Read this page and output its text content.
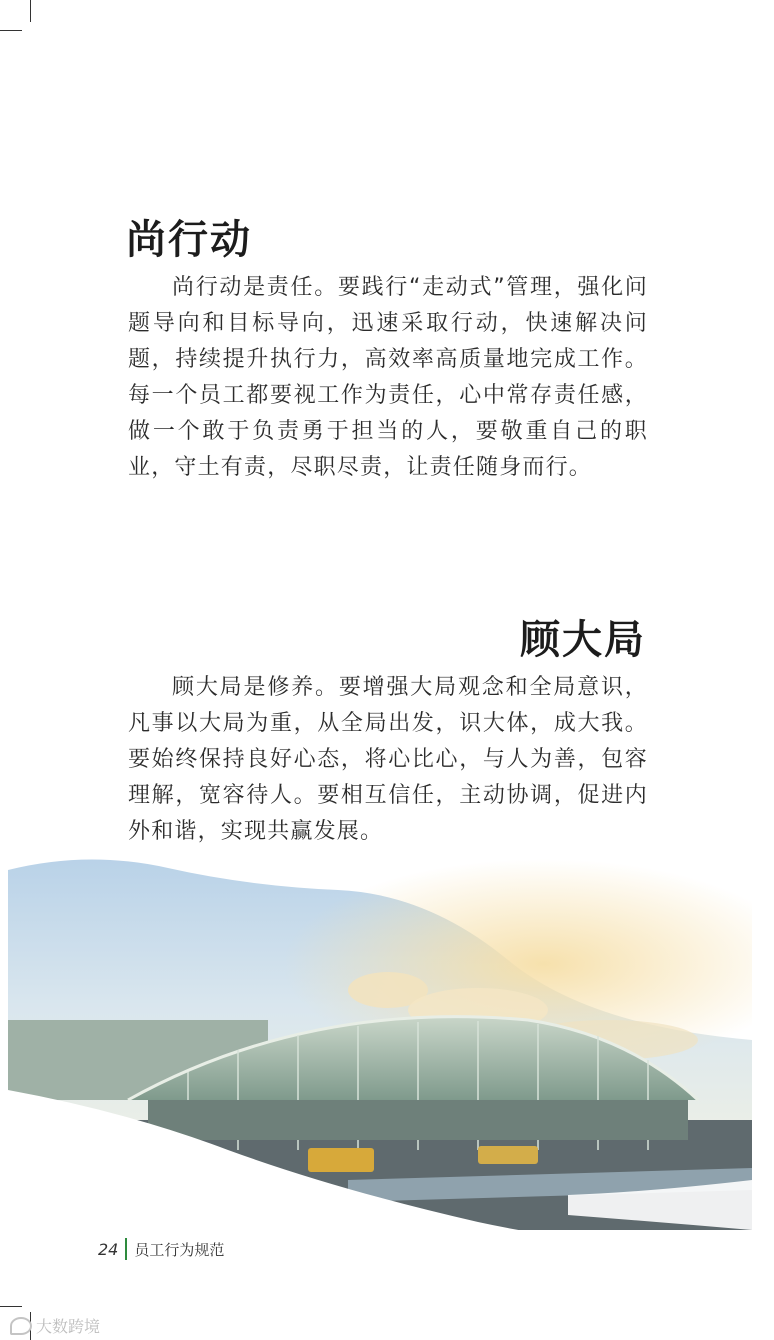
尚行动

尚行动是责任。要践行“走动式”管理，强化问题导向和目标导向，迅速采取行动，快速解决问题，持续提升执行力，高效率高质量地完成工作。每一个员工都要视工作为责任，心中常存责任感，做一个敢于负责勇于担当的人，要敬重自己的职业，守土有责，尽职尽责，让责任随身而行。

顾大局

顾大局是修养。要增强大局观念和全局意识，凡事以大局为重，从全局出发，识大体，成大我。要始终保持良好心态，将心比心，与人为善，包容理解，宽容待人。要相互信任，主动协调，促进内外和谐，实现共赢发展。

24 员工行为规范
大数跨境
